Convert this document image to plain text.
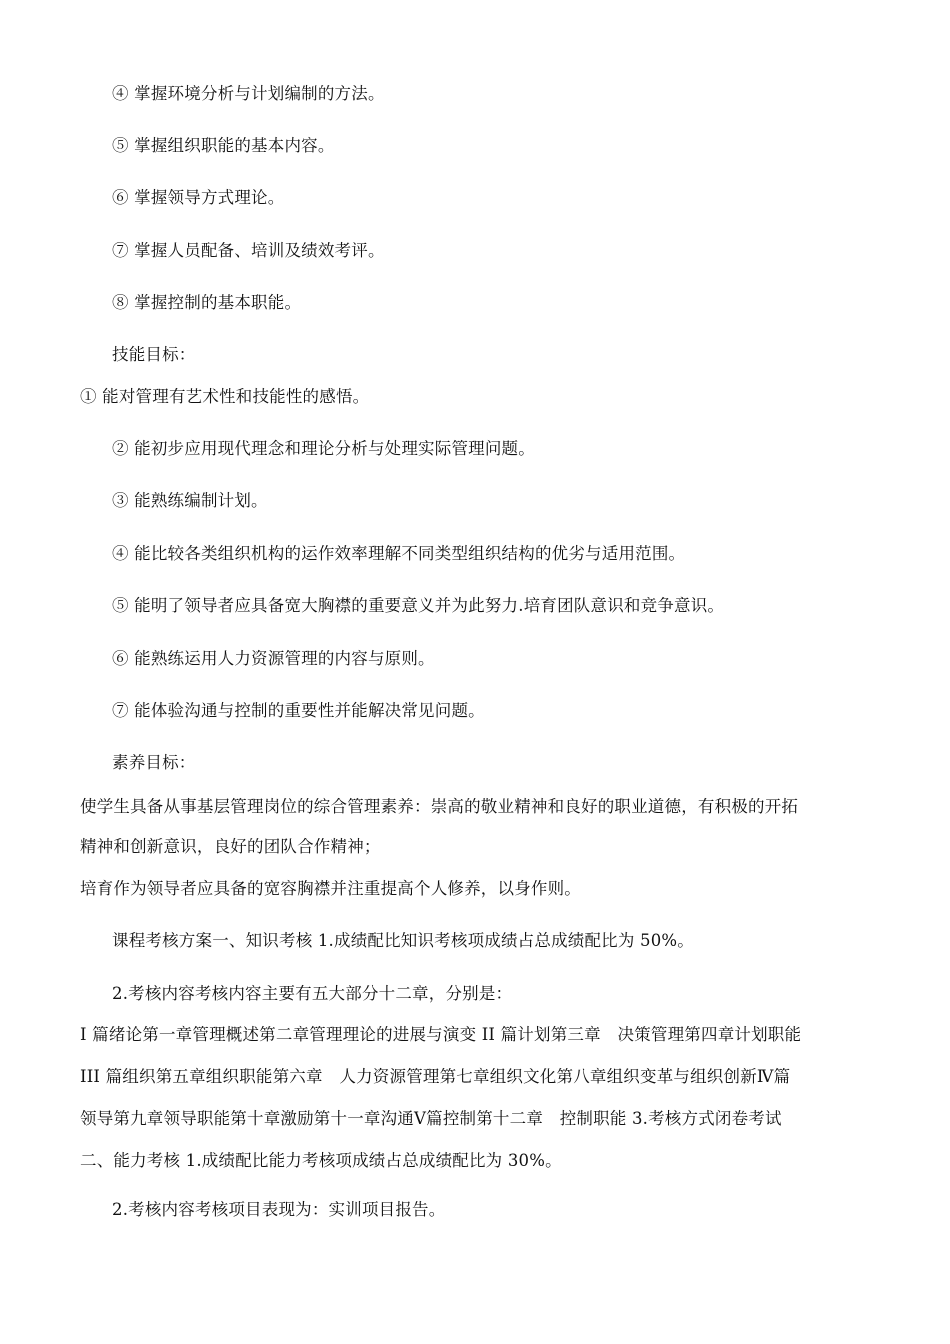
④ 掌握环境分析与计划编制的方法。
⑤ 掌握组织职能的基本内容。
⑥ 掌握领导方式理论。
⑦ 掌握人员配备、培训及绩效考评。
⑧ 掌握控制的基本职能。
技能目标：
① 能对管理有艺术性和技能性的感悟。
② 能初步应用现代理念和理论分析与处理实际管理问题。
③ 能熟练编制计划。
④ 能比较各类组织机构的运作效率理解不同类型组织结构的优劣与适用范围。
⑤ 能明了领导者应具备宽大胸襟的重要意义并为此努力.培育团队意识和竞争意识。
⑥ 能熟练运用人力资源管理的内容与原则。
⑦ 能体验沟通与控制的重要性并能解决常见问题。
素养目标：
使学生具备从事基层管理岗位的综合管理素养：崇高的敬业精神和良好的职业道德，有积极的开拓
精神和创新意识，良好的团队合作精神；
培育作为领导者应具备的宽容胸襟并注重提高个人修养，以身作则。
课程考核方案一、知识考核 1.成绩配比知识考核项成绩占总成绩配比为 50%。
2.考核内容考核内容主要有五大部分十二章，分别是：
I 篇绪论第一章管理概述第二章管理理论的进展与演变 II 篇计划第三章　决策管理第四章计划职能
III 篇组织第五章组织职能第六章　人力资源管理第七章组织文化第八章组织变革与组织创新Ⅳ篇
领导第九章领导职能第十章激励第十一章沟通Ⅴ篇控制第十二章　控制职能 3.考核方式闭卷考试
二、能力考核 1.成绩配比能力考核项成绩占总成绩配比为 30%。
2.考核内容考核项目表现为：实训项目报告。
